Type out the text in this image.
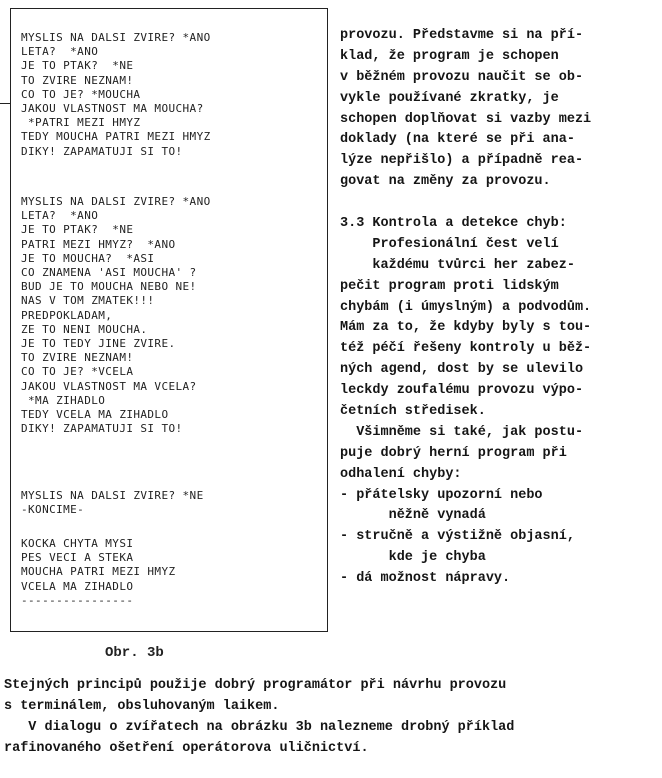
MYSLIS NA DALSI ZVIRE? *ANO
LETA?  *ANO
JE TO PTAK?  *NE
TO ZVIRE NEZNAM!
CO TO JE? *MOUCHA
JAKOU VLASTNOST MA MOUCHA?
*PATRI MEZI HMYZ
TEDY MOUCHA PATRI MEZI HMYZ
DIKY! ZAPAMATUJI SI TO!
MYSLIS NA DALSI ZVIRE? *ANO
LETA?  *ANO
JE TO PTAK?  *NE
PATRI MEZI HMYZ?  *ANO
JE TO MOUCHA?  *ASI
CO ZNAMENA 'ASI MOUCHA' ?
BUD JE TO MOUCHA NEBO NE!
NAS V TOM ZMATEK!!!
PREDPOKLADAM,
ZE TO NENI MOUCHA.
JE TO TEDY JINE ZVIRE.
TO ZVIRE NEZNAM!
CO TO JE? *VCELA
JAKOU VLASTNOST MA VCELA?
*MA ZIHADLO
TEDY VCELA MA ZIHADLO
DIKY! ZAPAMATUJI SI TO!
MYSLIS NA DALSI ZVIRE? *NE
-KONCIME-
KOCKA CHYTA MYSI
PES VECI A STEKA
MOUCHA PATRI MEZI HMYZ
VCELA MA ZIHADLO
----------------
Obr. 3b
provozu. Představme si na pří-
klad, že program je schopen
v běžném provozu naučit se ob-
vykle používané zkratky, je
schopen doplňovat si vazby mezi
doklady (na které se při ana-
lýze nepřišlo) a případně rea-
govat na změny za provozu.
3.3 Kontrola a detekce chyb:
Profesionální čest velí
každému tvůrci her zabez-
pečit program proti lidským
chybám (i úmyslným) a podvodům.
Mám za to, že kdyby byly s tou-
též péčí řešeny kontroly u běž-
ných agend, dost by se ulevilo
leckdy zoufalému provozu výpo-
četních středisek.
Všimněme si také, jak postu-
puje dobrý herní program při
odhalení chyby:
- přátelsky upozorní nebo
něžně vynadá
- stručně a výstižně objasní,
kde je chyba
- dá možnost nápravy.
Stejných principů použije dobrý programátor při návrhu provozu
s terminálem, obsluhovaným laikem.
V dialogu o zvířatech na obrázku 3b nalezneme drobný příklad
rafinovaného ošetření operátorova uličnictví.
